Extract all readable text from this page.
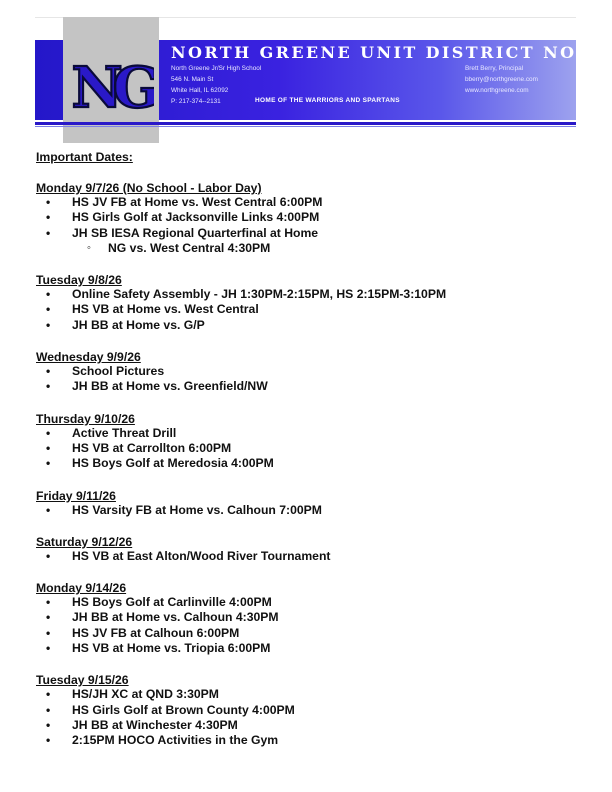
NG
NORTH GREENE UNIT DISTRICT NO. 3
North Greene Jr/Sr High School
546 N. Main St
White Hall, IL 62092
P: 217-374--2131
Brett Berry, Principal
bberry@northgreene.com
www.northgreene.com
HOME OF THE WARRIORS AND SPARTANS
Important Dates:
Monday 9/7/26 (No School - Labor Day)
• HS JV FB at Home vs. West Central 6:00PM
• HS Girls Golf at Jacksonville Links 4:00PM
• JH SB IESA Regional Quarterfinal at Home
◦ NG vs. West Central 4:30PM
Tuesday 9/8/26
• Online Safety Assembly - JH 1:30PM-2:15PM, HS 2:15PM-3:10PM
• HS VB at Home vs. West Central
• JH BB at Home vs. G/P
Wednesday 9/9/26
• School Pictures
• JH BB at Home vs. Greenfield/NW
Thursday 9/10/26
• Active Threat Drill
• HS VB at Carrollton 6:00PM
• HS Boys Golf at Meredosia 4:00PM
Friday 9/11/26
• HS Varsity FB at Home vs. Calhoun 7:00PM
Saturday 9/12/26
• HS VB at East Alton/Wood River Tournament
Monday 9/14/26
• HS Boys Golf at Carlinville 4:00PM
• JH BB at Home vs. Calhoun 4:30PM
• HS JV FB at Calhoun 6:00PM
• HS VB at Home vs. Triopia 6:00PM
Tuesday 9/15/26
• HS/JH XC at QND 3:30PM
• HS Girls Golf at Brown County 4:00PM
• JH BB at Winchester 4:30PM
• 2:15PM HOCO Activities in the Gym
